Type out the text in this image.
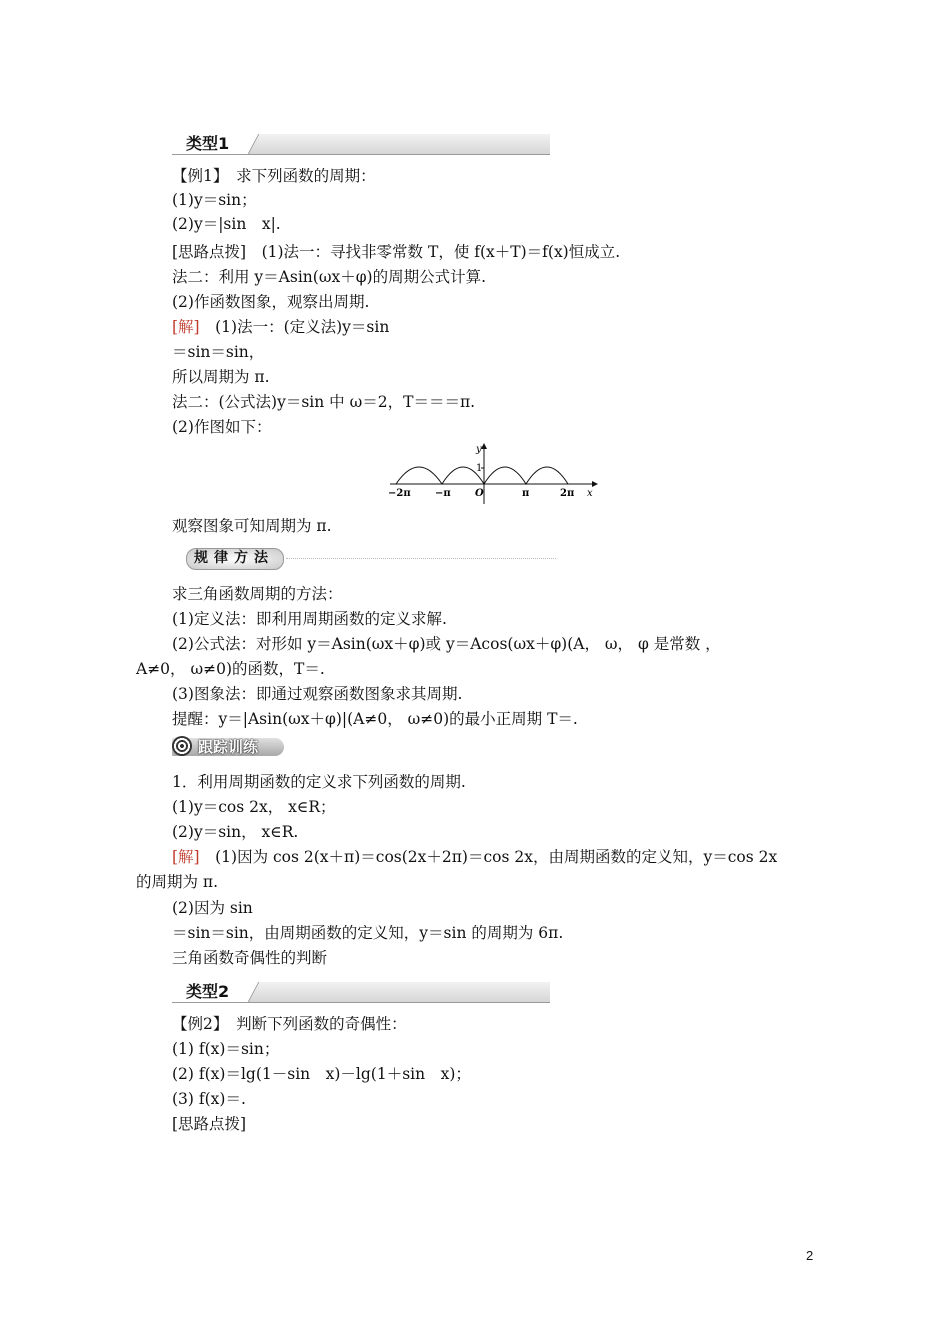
类型1
【例1】　求下列函数的周期：
(1)y＝sin；
(2)y＝|sin　x|.
[思路点拨]　(1)法一：寻找非零常数 T，使 f(x＋T)＝f(x)恒成立.
法二：利用 y＝Asin(ωx＋φ)的周期公式计算.
(2)作函数图象，观察出周期.
[解]　(1)法一：(定义法)y＝sin
＝sin＝sin，
所以周期为 π.
法二：(公式法)y＝sin 中 ω＝2，T＝＝＝π.
(2)作图如下：
y
1
x
O
−2π −π	π	2π
观察图象可知周期为 π.
规律方法
求三角函数周期的方法：
(1)定义法：即利用周期函数的定义求解.
(2)公式法：对形如 y＝Asin(ωx＋φ)或 y＝Acos(ωx＋φ)(A， ω， φ 是常数 ，
A≠0， ω≠0)的函数，T＝.
(3)图象法：即通过观察函数图象求其周期.
提醒：y＝|Asin(ωx＋φ)|(A≠0， ω≠0)的最小正周期 T＝.
跟踪训练
1．利用周期函数的定义求下列函数的周期.
(1)y＝cos 2x， x∈R；
(2)y＝sin， x∈R.
[解]　(1)因为 cos 2(x＋π)＝cos(2x＋2π)＝cos 2x，由周期函数的定义知，y＝cos 2x
的周期为 π.
(2)因为 sin
＝sin＝sin，由周期函数的定义知，y＝sin 的周期为 6π.
三角函数奇偶性的判断
类型2
【例2】　判断下列函数的奇偶性：
(1) f(x)＝sin；
(2) f(x)＝lg(1－sin　x)－lg(1＋sin　x)；
(3) f(x)＝.
[思路点拨]
2
